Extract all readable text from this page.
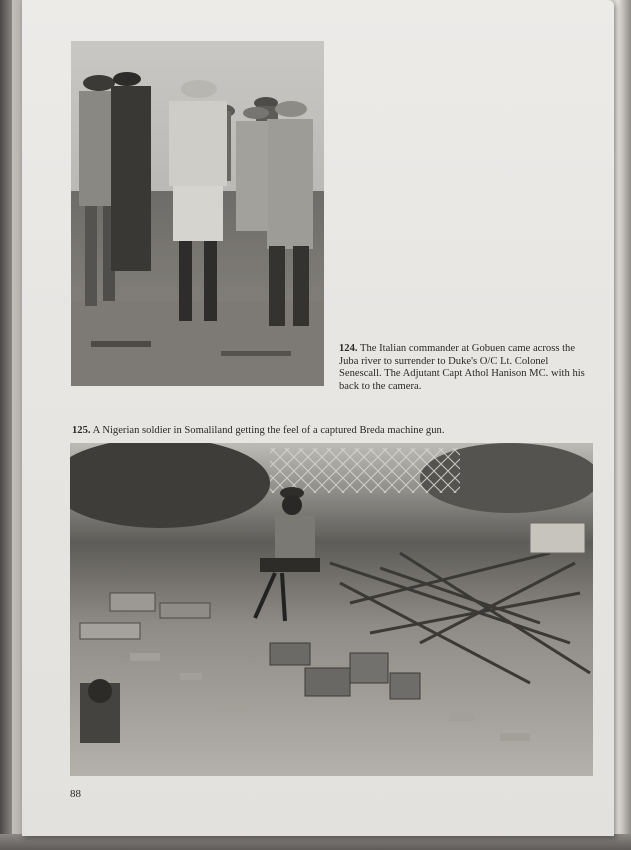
124. The Italian commander at Gobuen came across the Juba river to surrender to Duke's O/C Lt. Colonel Senescall. The Adjutant Capt Athol Hanison MC. with his back to the camera.
125. A Nigerian soldier in Somaliland getting the feel of a captured Breda machine gun.
88
